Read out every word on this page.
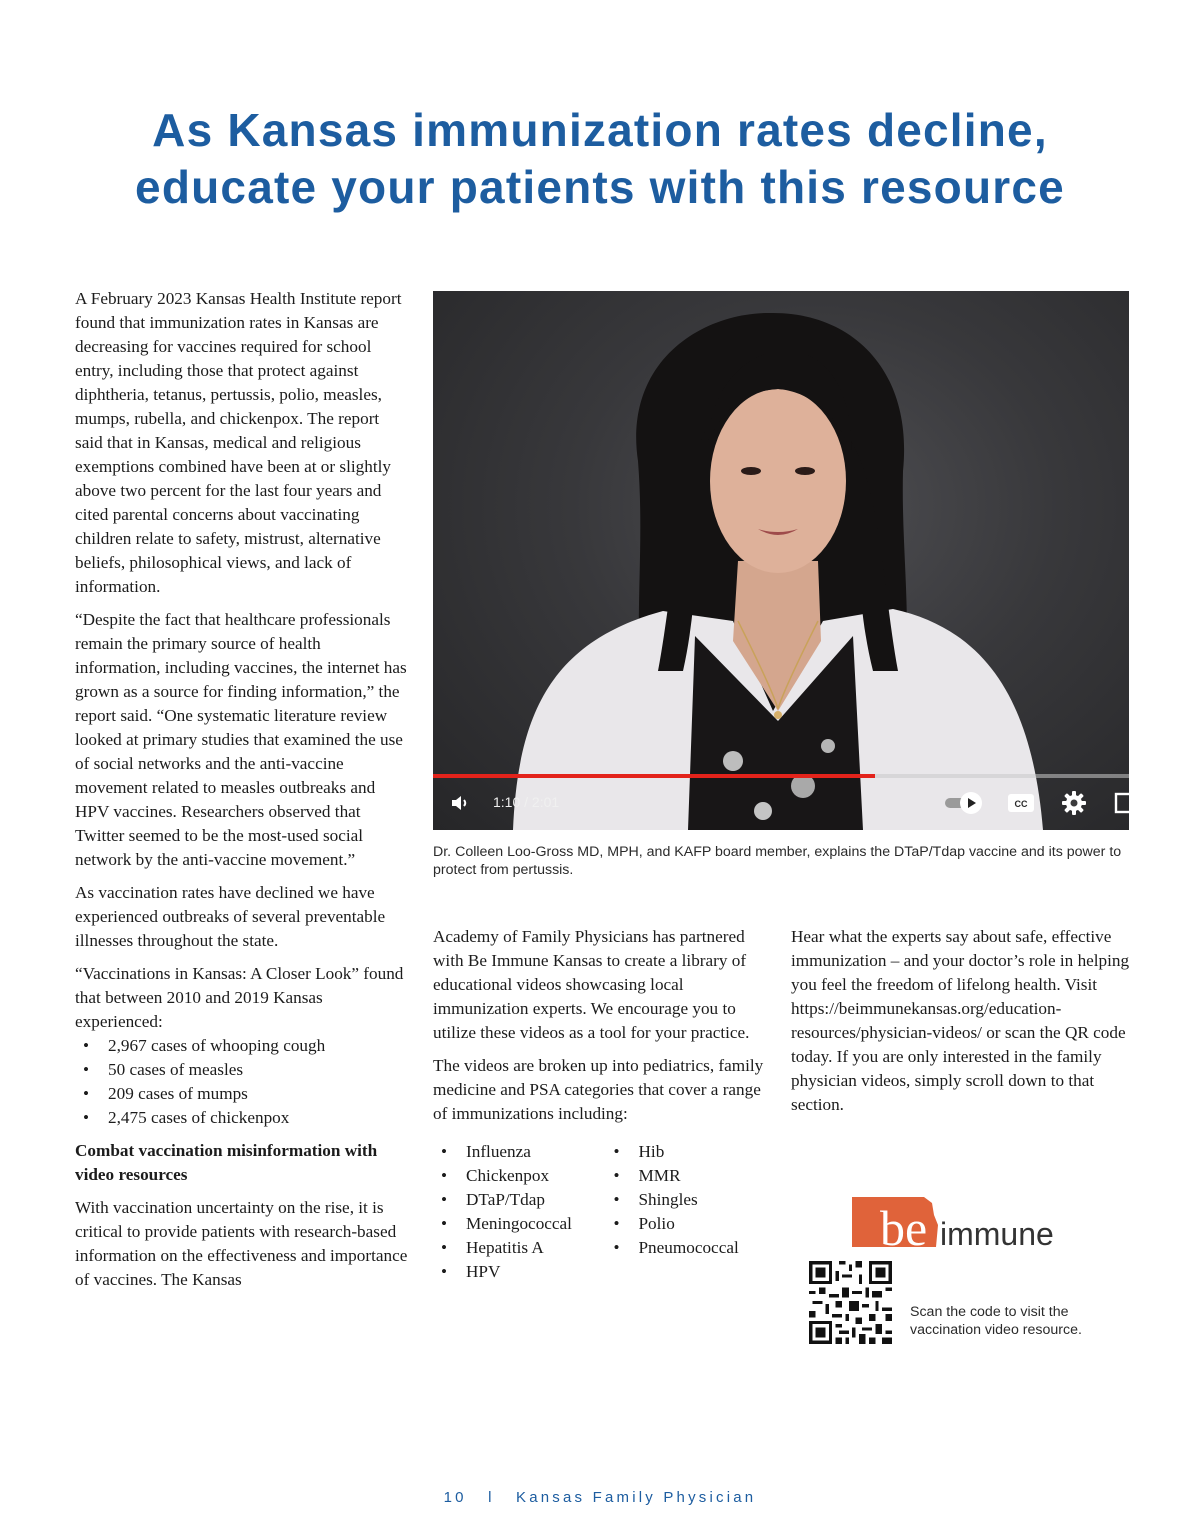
As Kansas immunization rates decline,
educate your patients with this resource

A February 2023 Kansas Health Institute report found that immunization rates in Kansas are decreasing for vaccines required for school entry, including those that protect against diphtheria, tetanus, pertussis, polio, measles, mumps, rubella, and chickenpox. The report said that in Kansas, medical and religious exemptions combined have been at or slightly above two percent for the last four years and cited parental concerns about vaccinating children relate to safety, mistrust, alternative beliefs, philosophical views, and lack of information.

“Despite the fact that healthcare professionals remain the primary source of health information, including vaccines, the internet has grown as a source for finding information,” the report said. “One systematic literature review looked at primary studies that examined the use of social networks and the anti-vaccine movement related to measles outbreaks and HPV vaccines. Researchers observed that Twitter seemed to be the most-used social network by the anti-vaccine movement.”

As vaccination rates have declined we have experienced outbreaks of several preventable illnesses throughout the state.

“Vaccinations in Kansas: A Closer Look” found that between 2010 and 2019 Kansas experienced:

• 2,967 cases of whooping cough
• 50 cases of measles
• 209 cases of mumps
• 2,475 cases of chickenpox

Combat vaccination misinformation with video resources

With vaccination uncertainty on the rise, it is critical to provide patients with research-based information on the effectiveness and importance of vaccines. The Kansas

1:10 / 2:01	CC
Dr. Colleen Loo-Gross MD, MPH, and KAFP board member, explains the DTaP/Tdap vaccine and its power to protect from pertussis.

Academy of Family Physicians has partnered with Be Immune Kansas to create a library of educational videos showcasing local immunization experts. We encourage you to utilize these videos as a tool for your practice.

The videos are broken up into pediatrics, family medicine and PSA categories that cover a range of immunizations including:

• Influenza
• Chickenpox
• DTaP/Tdap
• Meningococcal
• Hepatitis A
• HPV
• Hib
• MMR
• Shingles
• Polio
• Pneumococcal

Hear what the experts say about safe, effective immunization – and your doctor’s role in helping you feel the freedom of lifelong health. Visit https://beimmunekansas.org/education-resources/physician-videos/ or scan the QR code today. If you are only interested in the family physician videos, simply scroll down to that section.

be immune
Scan the code to visit the vaccination video resource.
10 l Kansas Family Physician
